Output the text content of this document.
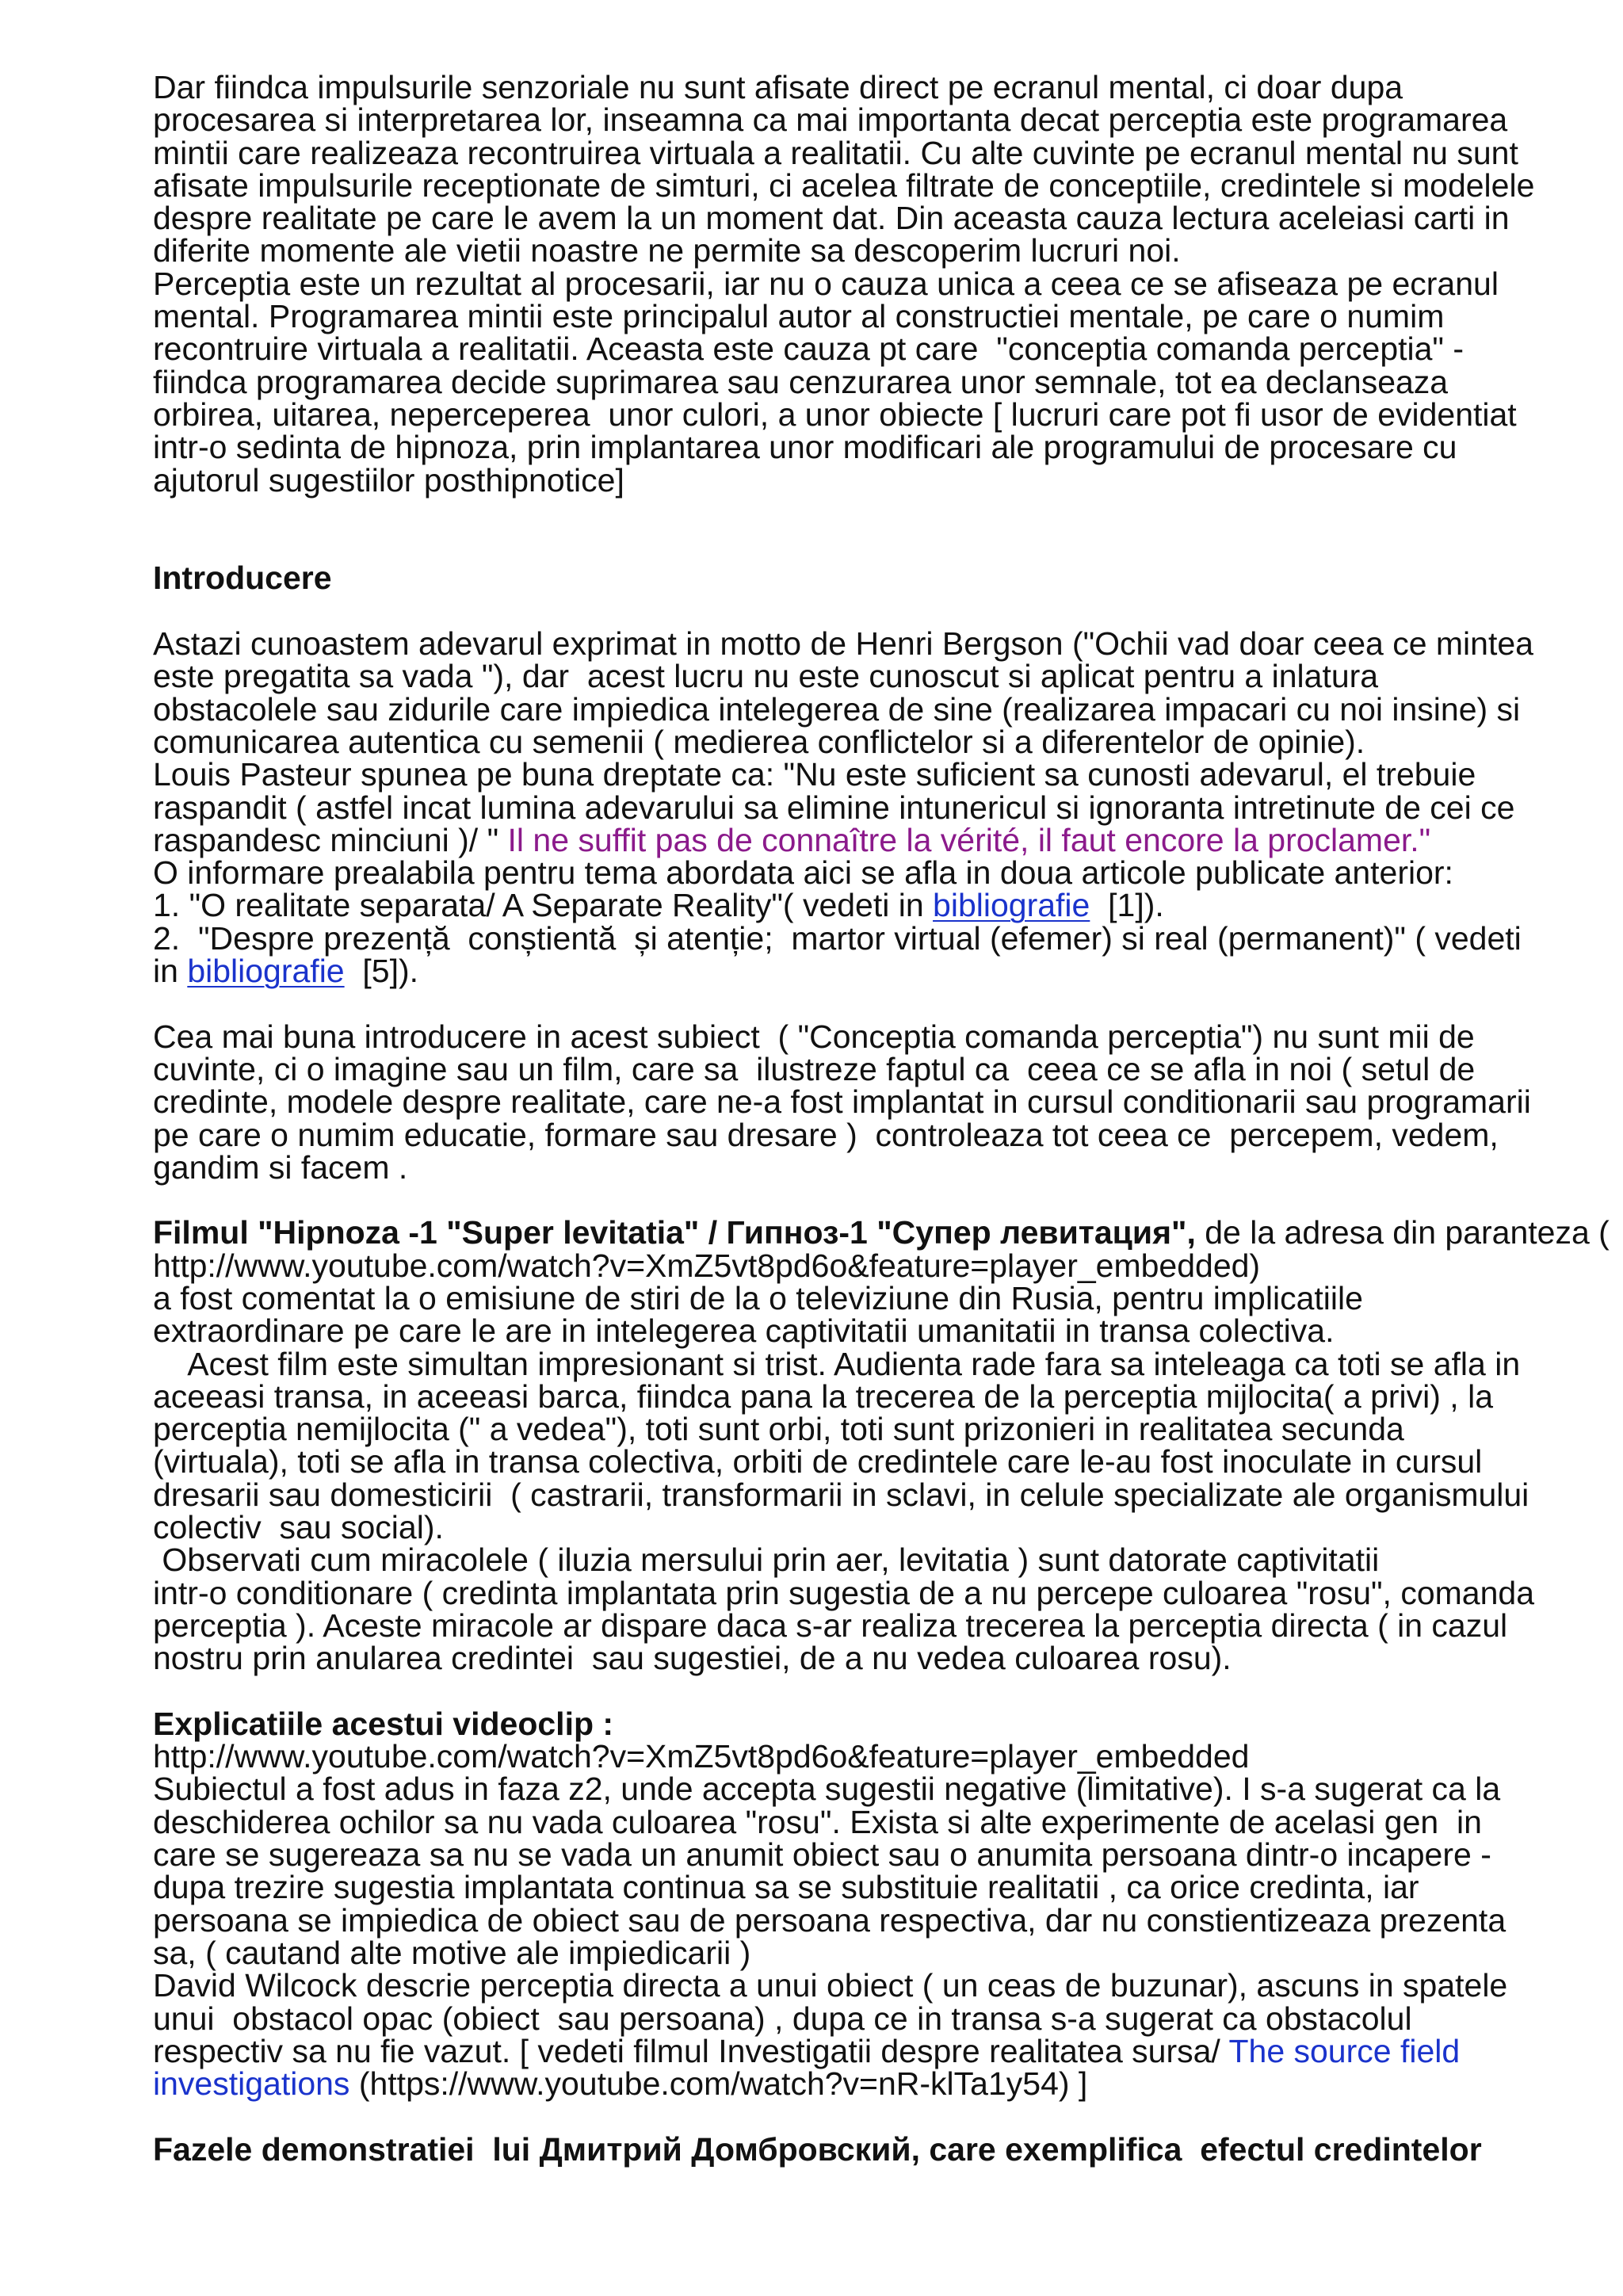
Dar fiindca impulsurile senzoriale nu sunt afisate direct pe ecranul mental, ci doar dupa
procesarea si interpretarea lor, inseamna ca mai importanta decat perceptia este programarea
mintii care realizeaza recontruirea virtuala a realitatii. Cu alte cuvinte pe ecranul mental nu sunt
afisate impulsurile receptionate de simturi, ci acelea filtrate de conceptiile, credintele si modelele
despre realitate pe care le avem la un moment dat. Din aceasta cauza lectura aceleiasi carti in
diferite momente ale vietii noastre ne permite sa descoperim lucruri noi.
Perceptia este un rezultat al procesarii, iar nu o cauza unica a ceea ce se afiseaza pe ecranul
mental. Programarea mintii este principalul autor al constructiei mentale, pe care o numim
recontruire virtuala a realitatii. Aceasta este cauza pt care  "conceptia comanda perceptia" -
fiindca programarea decide suprimarea sau cenzurarea unor semnale, tot ea declanseaza
orbirea, uitarea, neperceperea  unor culori, a unor obiecte [ lucruri care pot fi usor de evidentiat
intr-o sedinta de hipnoza, prin implantarea unor modificari ale programului de procesare cu
ajutorul sugestiilor posthipnotice]
Introducere
Astazi cunoastem adevarul exprimat in motto de Henri Bergson ("Ochii vad doar ceea ce mintea
este pregatita sa vada "), dar  acest lucru nu este cunoscut si aplicat pentru a inlatura
obstacolele sau zidurile care impiedica intelegerea de sine (realizarea impacari cu noi insine) si
comunicarea autentica cu semenii ( medierea conflictelor si a diferentelor de opinie).
Louis Pasteur spunea pe buna dreptate ca: "Nu este suficient sa cunosti adevarul, el trebuie
raspandit ( astfel incat lumina adevarului sa elimine intunericul si ignoranta intretinute de cei ce
raspandesc minciuni )/ " Il ne suffit pas de connaître la vérité, il faut encore la proclamer."
O informare prealabila pentru tema abordata aici se afla in doua articole publicate anterior:
1. "O realitate separata/ A Separate Reality"( vedeti in bibliografie  [1]).
2.  "Despre prezență  conștientă  și atenție;  martor virtual (efemer) si real (permanent)" ( vedeti
in bibliografie  [5]).
Cea mai buna introducere in acest subiect  ( "Conceptia comanda perceptia") nu sunt mii de
cuvinte, ci o imagine sau un film, care sa  ilustreze faptul ca  ceea ce se afla in noi ( setul de
credinte, modele despre realitate, care ne-a fost implantat in cursul conditionarii sau programarii
pe care o numim educatie, formare sau dresare )  controleaza tot ceea ce  percepem, vedem,
gandim si facem .
Filmul "Hipnoza -1 "Super levitatia" / Гипноз-1 "Супер левитация", de la adresa din paranteza (
http://www.youtube.com/watch?v=XmZ5vt8pd6o&feature=player_embedded)
a fost comentat la o emisiune de stiri de la o televiziune din Rusia, pentru implicatiile
extraordinare pe care le are in intelegerea captivitatii umanitatii in transa colectiva.
Acest film este simultan impresionant si trist. Audienta rade fara sa inteleaga ca toti se afla in
aceeasi transa, in aceeasi barca, fiindca pana la trecerea de la perceptia mijlocita( a privi) , la
perceptia nemijlocita (" a vedea"), toti sunt orbi, toti sunt prizonieri in realitatea secunda
(virtuala), toti se afla in transa colectiva, orbiti de credintele care le-au fost inoculate in cursul
dresarii sau domesticirii  ( castrarii, transformarii in sclavi, in celule specializate ale organismului
colectiv  sau social).
Observati cum miracolele ( iluzia mersului prin aer, levitatia ) sunt datorate captivitatii
intr-o conditionare ( credinta implantata prin sugestia de a nu percepe culoarea "rosu", comanda
perceptia ). Aceste miracole ar dispare daca s-ar realiza trecerea la perceptia directa ( in cazul
nostru prin anularea credintei  sau sugestiei, de a nu vedea culoarea rosu).
Explicatiile acestui videoclip :
http://www.youtube.com/watch?v=XmZ5vt8pd6o&feature=player_embedded
Subiectul a fost adus in faza z2, unde accepta sugestii negative (limitative). I s-a sugerat ca la
deschiderea ochilor sa nu vada culoarea "rosu". Exista si alte experimente de acelasi gen  in
care se sugereaza sa nu se vada un anumit obiect sau o anumita persoana dintr-o incapere -
dupa trezire sugestia implantata continua sa se substituie realitatii , ca orice credinta, iar
persoana se impiedica de obiect sau de persoana respectiva, dar nu constientizeaza prezenta
sa, ( cautand alte motive ale impiedicarii )
David Wilcock descrie perceptia directa a unui obiect ( un ceas de buzunar), ascuns in spatele
unui  obstacol opac (obiect  sau persoana) , dupa ce in transa s-a sugerat ca obstacolul
respectiv sa nu fie vazut. [ vedeti filmul Investigatii despre realitatea sursa/ The source field
investigations (https://www.youtube.com/watch?v=nR-klTa1y54) ]
Fazele demonstratiei  lui Дмитрий Домбровский, care exemplifica  efectul credintelor
